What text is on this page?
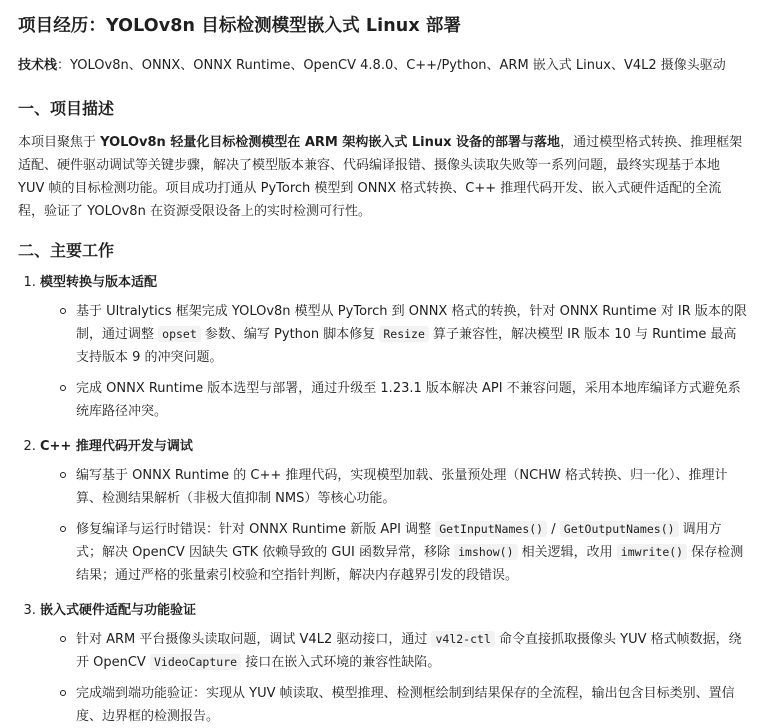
项目经历：YOLOv8n 目标检测模型嵌入式 Linux 部署

技术栈：YOLOv8n、ONNX、ONNX Runtime、OpenCV 4.8.0、C++/Python、ARM 嵌入式 Linux、V4L2 摄像头驱动

一、项目描述

本项目聚焦于 YOLOv8n 轻量化目标检测模型在 ARM 架构嵌入式 Linux 设备的部署与落地，通过模型格式转换、推理框架适配、硬件驱动调试等关键步骤，解决了模型版本兼容、代码编译报错、摄像头读取失败等一系列问题，最终实现基于本地 YUV 帧的目标检测功能。项目成功打通从 PyTorch 模型到 ONNX 格式转换、C++ 推理代码开发、嵌入式硬件适配的全流程，验证了 YOLOv8n 在资源受限设备上的实时检测可行性。

二、主要工作
1. 模型转换与版本适配
基于 Ultralytics 框架完成 YOLOv8n 模型从 PyTorch 到 ONNX 格式的转换，针对 ONNX Runtime 对 IR 版本的限制，通过调整 opset 参数、编写 Python 脚本修复 Resize 算子兼容性，解决模型 IR 版本 10 与 Runtime 最高支持版本 9 的冲突问题。
完成 ONNX Runtime 版本选型与部署，通过升级至 1.23.1 版本解决 API 不兼容问题，采用本地库编译方式避免系统库路径冲突。
2. C++ 推理代码开发与调试
编写基于 ONNX Runtime 的 C++ 推理代码，实现模型加载、张量预处理（NCHW 格式转换、归一化）、推理计算、检测结果解析（非极大值抑制 NMS）等核心功能。
修复编译与运行时错误：针对 ONNX Runtime 新版 API 调整 GetInputNames() / GetOutputNames() 调用方式；解决 OpenCV 因缺失 GTK 依赖导致的 GUI 函数异常，移除 imshow() 相关逻辑，改用 imwrite() 保存检测结果；通过严格的张量索引校验和空指针判断，解决内存越界引发的段错误。
3. 嵌入式硬件适配与功能验证
针对 ARM 平台摄像头读取问题，调试 V4L2 驱动接口，通过 v4l2-ctl 命令直接抓取摄像头 YUV 格式帧数据，绕开 OpenCV VideoCapture 接口在嵌入式环境的兼容性缺陷。
完成端到端功能验证：实现从 YUV 帧读取、模型推理、检测框绘制到结果保存的全流程，输出包含目标类别、置信度、边界框的检测报告。
